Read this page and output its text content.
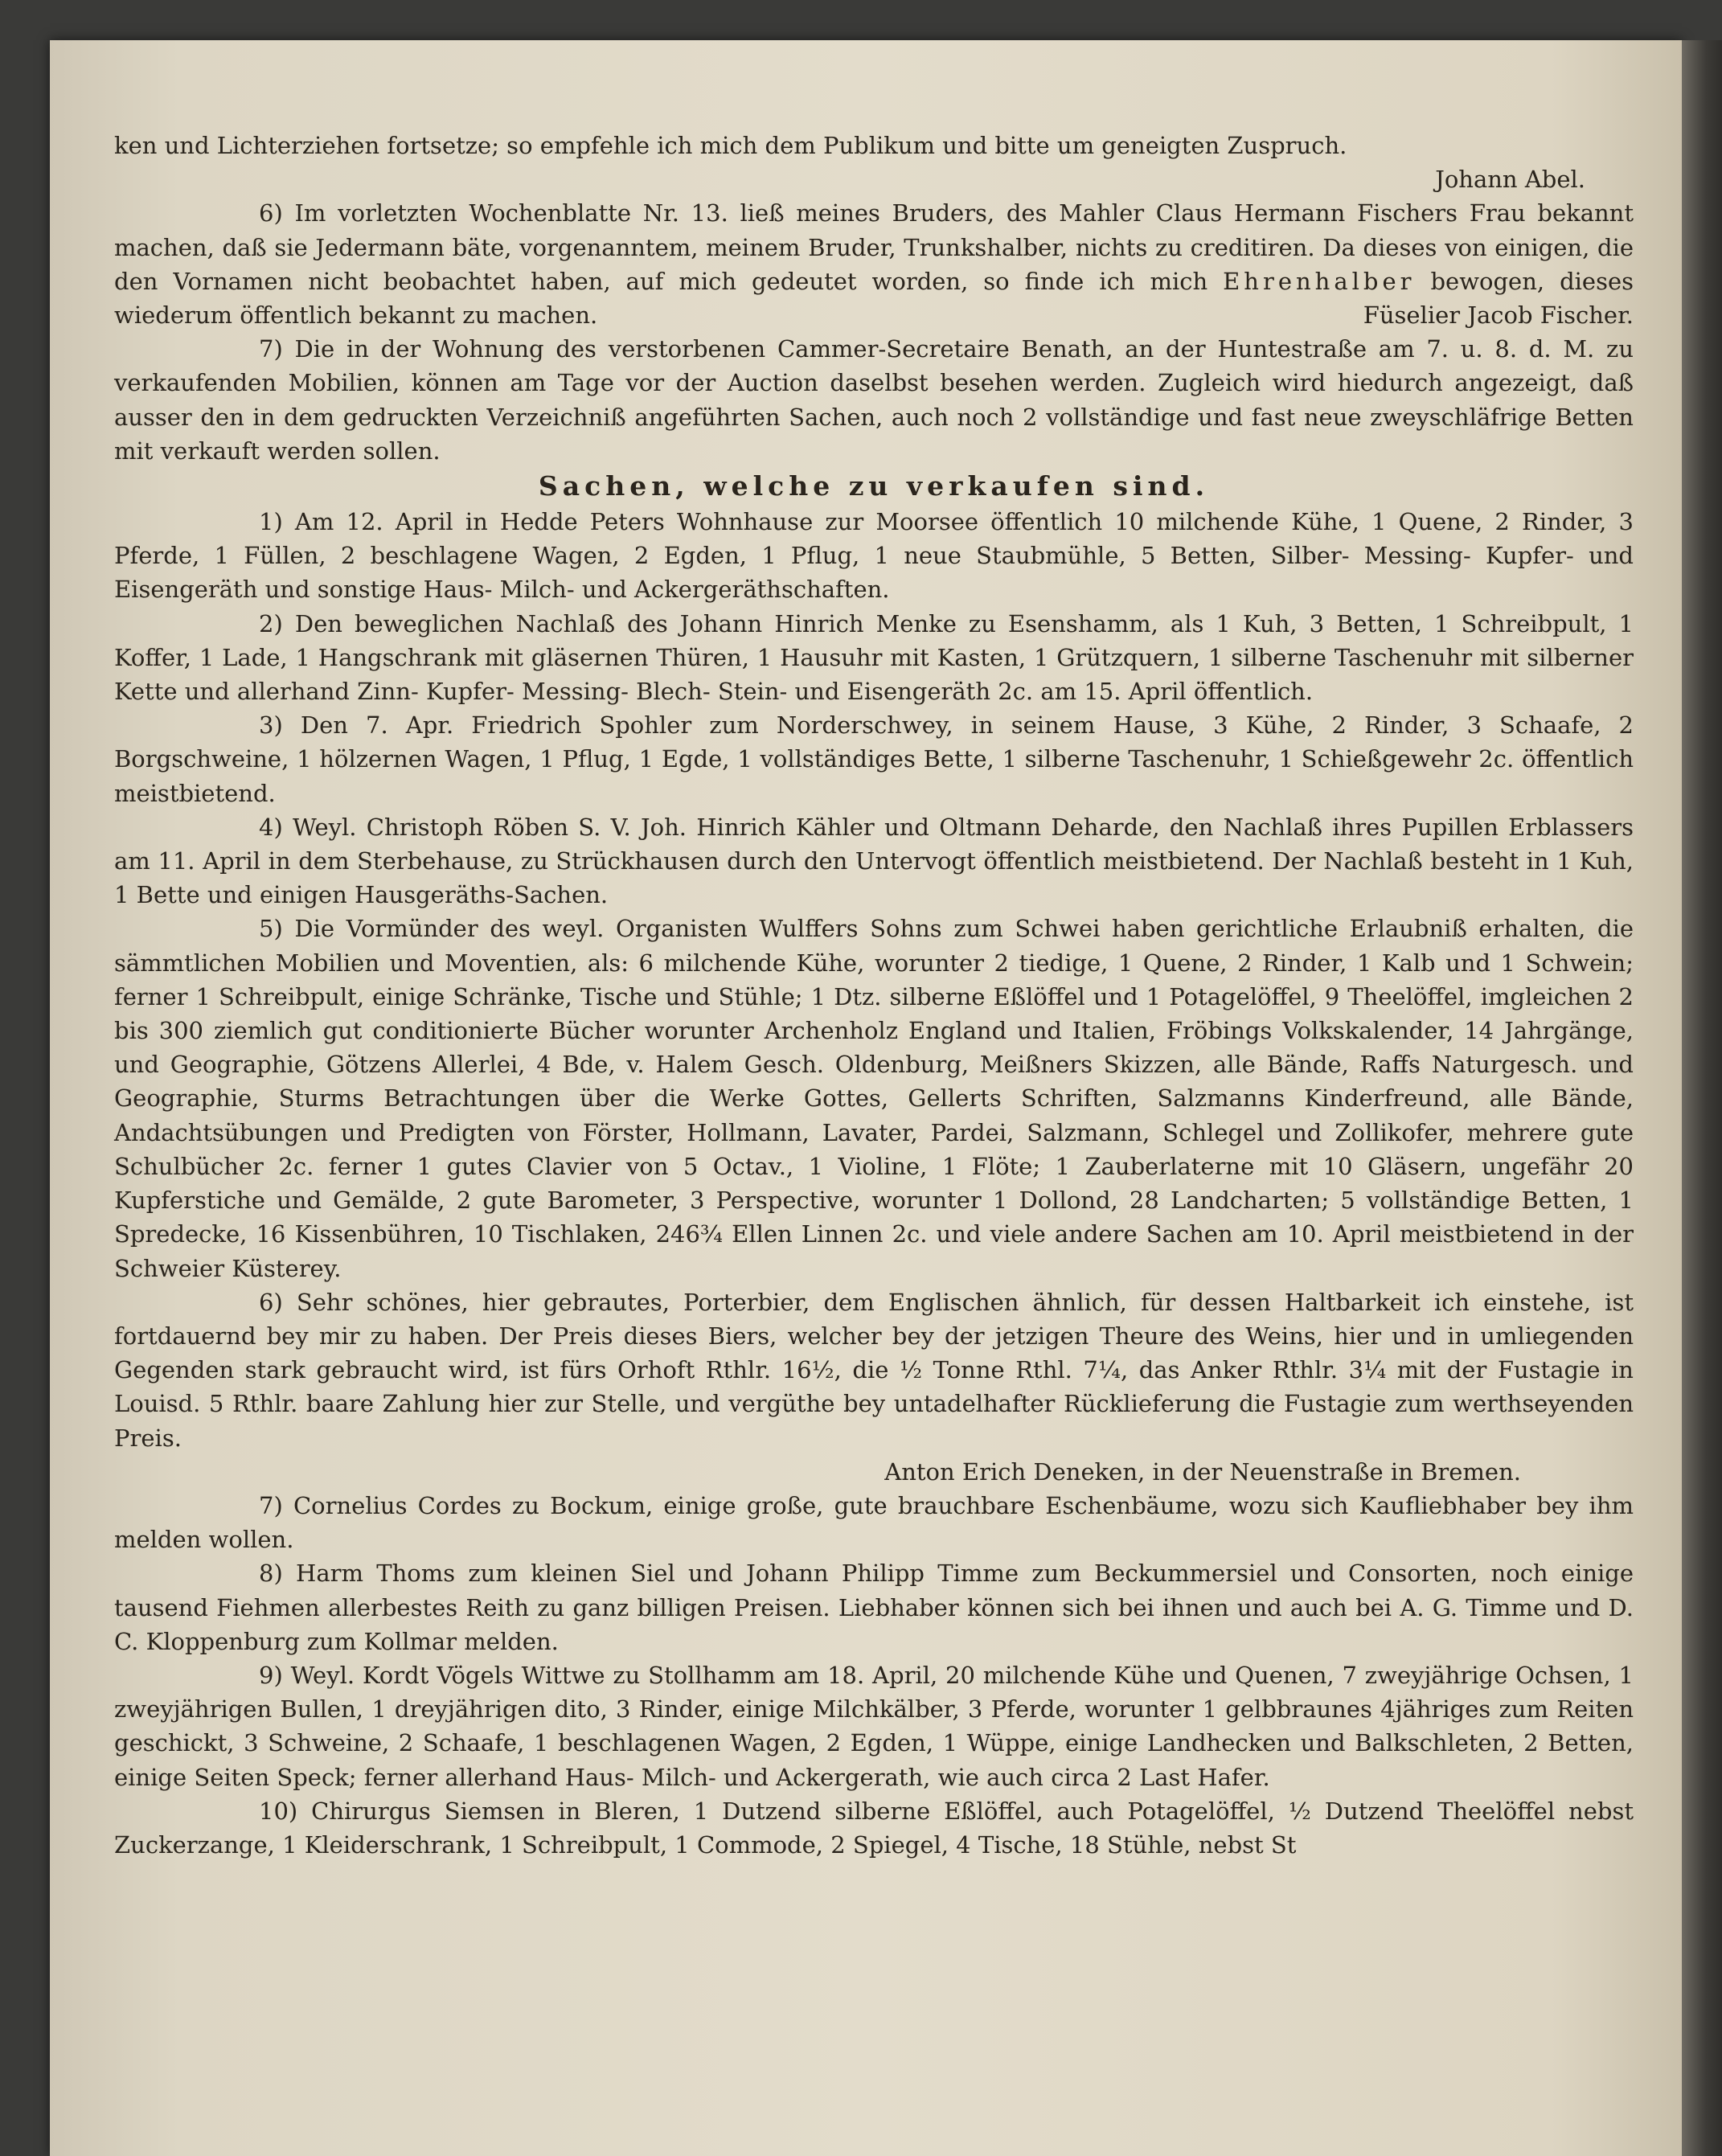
ken und Lichterziehen fortsetze; so empfehle ich mich dem Publikum und bitte um geneigten Zuspruch.

Johann Abel.

6) Im vorletzten Wochenblatte Nr. 13. ließ meines Bruders, des Mahler Claus Hermann Fischers Frau bekannt machen, daß sie Jedermann bäte, vorgenanntem, meinem Bruder, Trunkshalber, nichts zu creditiren. Da dieses von einigen, die den Vornamen nicht beobachtet haben, auf mich gedeutet worden, so finde ich mich Ehrenhalber bewogen, dieses wiederum öffentlich bekannt zu machen.	Füselier Jacob Fischer.

7) Die in der Wohnung des verstorbenen Cammer-Secretaire Benath, an der Huntestraße am 7. u. 8. d. M. zu verkaufenden Mobilien, können am Tage vor der Auction daselbst besehen werden. Zugleich wird hiedurch angezeigt, daß ausser den in dem gedruckten Verzeichniß angeführten Sachen, auch noch 2 vollständige und fast neue zweyschläfrige Betten mit verkauft werden sollen.

Sachen, welche zu verkaufen sind.

1) Am 12. April in Hedde Peters Wohnhause zur Moorsee öffentlich 10 milchende Kühe, 1 Quene, 2 Rinder, 3 Pferde, 1 Füllen, 2 beschlagene Wagen, 2 Egden, 1 Pflug, 1 neue Staubmühle, 5 Betten, Silber- Messing- Kupfer- und Eisengeräth und sonstige Haus- Milch- und Ackergeräthschaften.

2) Den beweglichen Nachlaß des Johann Hinrich Menke zu Esenshamm, als 1 Kuh, 3 Betten, 1 Schreibpult, 1 Koffer, 1 Lade, 1 Hangschrank mit gläsernen Thüren, 1 Hausuhr mit Kasten, 1 Grützquern, 1 silberne Taschenuhr mit silberner Kette und allerhand Zinn- Kupfer- Messing- Blech- Stein- und Eisengeräth 2c. am 15. April öffentlich.

3) Den 7. Apr. Friedrich Spohler zum Norderschwey, in seinem Hause, 3 Kühe, 2 Rinder, 3 Schaafe, 2 Borgschweine, 1 hölzernen Wagen, 1 Pflug, 1 Egde, 1 vollständiges Bette, 1 silberne Taschenuhr, 1 Schießgewehr 2c. öffentlich meistbietend.

4) Weyl. Christoph Röben S. V. Joh. Hinrich Kähler und Oltmann Deharde, den Nachlaß ihres Pupillen Erblassers am 11. April in dem Sterbehause, zu Strückhausen durch den Untervogt öffentlich meistbietend. Der Nachlaß besteht in 1 Kuh, 1 Bette und einigen Hausgeräths-Sachen.

5) Die Vormünder des weyl. Organisten Wulffers Sohns zum Schwei haben gerichtliche Erlaubniß erhalten, die sämmtlichen Mobilien und Moventien, als: 6 milchende Kühe, worunter 2 tiedige, 1 Quene, 2 Rinder, 1 Kalb und 1 Schwein; ferner 1 Schreibpult, einige Schränke, Tische und Stühle; 1 Dtz. silberne Eßlöffel und 1 Potagelöffel, 9 Theelöffel, imgleichen 2 bis 300 ziemlich gut conditionierte Bücher worunter Archenholz England und Italien, Fröbings Volkskalender, 14 Jahrgänge, und Geographie, Götzens Allerlei, 4 Bde, v. Halem Gesch. Oldenburg, Meißners Skizzen, alle Bände, Raffs Naturgesch. und Geographie, Sturms Betrachtungen über die Werke Gottes, Gellerts Schriften, Salzmanns Kinderfreund, alle Bände, Andachtsübungen und Predigten von Förster, Hollmann, Lavater, Pardei, Salzmann, Schlegel und Zollikofer, mehrere gute Schulbücher 2c. ferner 1 gutes Clavier von 5 Octav., 1 Violine, 1 Flöte; 1 Zauberlaterne mit 10 Gläsern, ungefähr 20 Kupferstiche und Gemälde, 2 gute Barometer, 3 Perspective, worunter 1 Dollond, 28 Landcharten; 5 vollständige Betten, 1 Spredecke, 16 Kissenbühren, 10 Tischlaken, 246¾ Ellen Linnen 2c. und viele andere Sachen am 10. April meistbietend in der Schweier Küsterey.

6) Sehr schönes, hier gebrautes, Porterbier, dem Englischen ähnlich, für dessen Haltbarkeit ich einstehe, ist fortdauernd bey mir zu haben. Der Preis dieses Biers, welcher bey der jetzigen Theure des Weins, hier und in umliegenden Gegenden stark gebraucht wird, ist fürs Orhoft Rthlr. 16½, die ½ Tonne Rthl. 7¼, das Anker Rthlr. 3¼ mit der Fustagie in Louisd. 5 Rthlr. baare Zahlung hier zur Stelle, und vergüthe bey untadelhafter Rücklieferung die Fustagie zum werthseyenden Preis.

Anton Erich Deneken, in der Neuenstraße in Bremen.

7) Cornelius Cordes zu Bockum, einige große, gute brauchbare Eschenbäume, wozu sich Kaufliebhaber bey ihm melden wollen.

8) Harm Thoms zum kleinen Siel und Johann Philipp Timme zum Beckummersiel und Consorten, noch einige tausend Fiehmen allerbestes Reith zu ganz billigen Preisen. Liebhaber können sich bei ihnen und auch bei A. G. Timme und D. C. Kloppenburg zum Kollmar melden.

9) Weyl. Kordt Vögels Wittwe zu Stollhamm am 18. April, 20 milchende Kühe und Quenen, 7 zweyjährige Ochsen, 1 zweyjährigen Bullen, 1 dreyjährigen dito, 3 Rinder, einige Milchkälber, 3 Pferde, worunter 1 gelbbraunes 4jähriges zum Reiten geschickt, 3 Schweine, 2 Schaafe, 1 beschlagenen Wagen, 2 Egden, 1 Wüppe, einige Landhecken und Balkschleten, 2 Betten, einige Seiten Speck; ferner allerhand Haus- Milch- und Ackergerath, wie auch circa 2 Last Hafer.

10) Chirurgus Siemsen in Bleren, 1 Dutzend silberne Eßlöffel, auch Potagelöffel, ½ Dutzend Theelöffel nebst Zuckerzange, 1 Kleiderschrank, 1 Schreibpult, 1 Commode, 2 Spiegel, 4 Tische, 18 Stühle, nebst St
